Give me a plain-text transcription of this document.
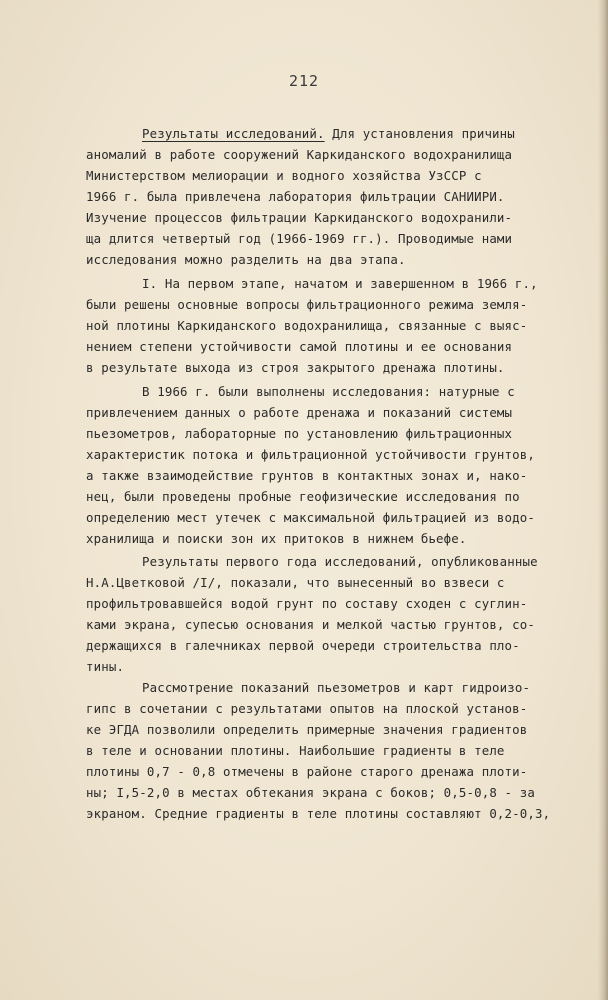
212
Результаты исследований. Для установления причины
аномалий в работе сооружений Каркиданского водохранилища
Министерством мелиорации и водного хозяйства УзССР с
1966 г. была привлечена лаборатория фильтрации САНИИРИ.
Изучение процессов фильтрации Каркиданского водохранили-
ща длится четвертый год (1966-1969 гг.). Проводимые нами
исследования можно разделить на два этапа.
I. На первом этапе, начатом и завершенном в 1966 г.,
были решены основные вопросы фильтрационного режима земля-
ной плотины Каркиданского водохранилища, связанные с выяс-
нением степени устойчивости самой плотины и ее основания
в результате выхода из строя закрытого дренажа плотины.
В 1966 г. были выполнены исследования: натурные с
привлечением данных о работе дренажа и показаний системы
пьезометров, лабораторные по установлению фильтрационных
характеристик потока и фильтрационной устойчивости грунтов,
а также взаимодействие грунтов в контактных зонах и, нако-
нец, были проведены пробные геофизические исследования по
определению мест утечек с максимальной фильтрацией из водо-
хранилища и поиски зон их притоков в нижнем бьефе.
Результаты первого года исследований, опубликованные
Н.А.Цветковой /I/, показали, что вынесенный во взвеси с
профильтровавшейся водой грунт по составу сходен с суглин-
ками экрана, супесью основания и мелкой частью грунтов, со-
держащихся в галечниках первой очереди строительства пло-
тины.
Рассмотрение показаний пьезометров и карт гидроизо-
гипс в сочетании с результатами опытов на плоской установ-
ке ЭГДА позволили определить примерные значения градиентов
в теле и основании плотины. Наибольшие градиенты в теле
плотины 0,7 - 0,8 отмечены в районе старого дренажа плоти-
ны; I,5-2,0 в местах обтекания экрана с боков; 0,5-0,8 - за
экраном. Средние градиенты в теле плотины составляют 0,2-0,3,
